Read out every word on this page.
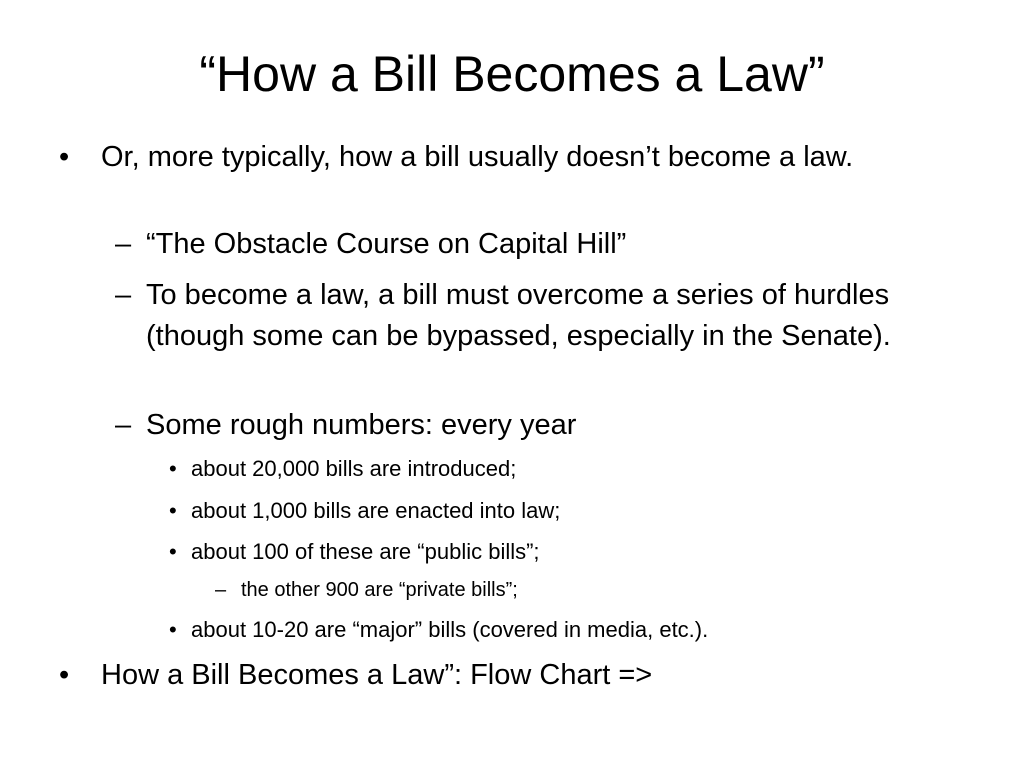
“How a Bill Becomes a Law”
• Or, more typically, how a bill usually doesn’t become a law.
– “The Obstacle Course on Capital Hill”
– To become a law, a bill must overcome a series of hurdles (though some can be bypassed, especially in the Senate).
– Some rough numbers: every year
• about 20,000 bills are introduced;
• about 1,000 bills are enacted into law;
• about 100 of these are “public bills”;
– the other 900 are “private bills”;
• about 10-20 are “major” bills (covered in media, etc.).
• How a Bill Becomes a Law”: Flow Chart =>
